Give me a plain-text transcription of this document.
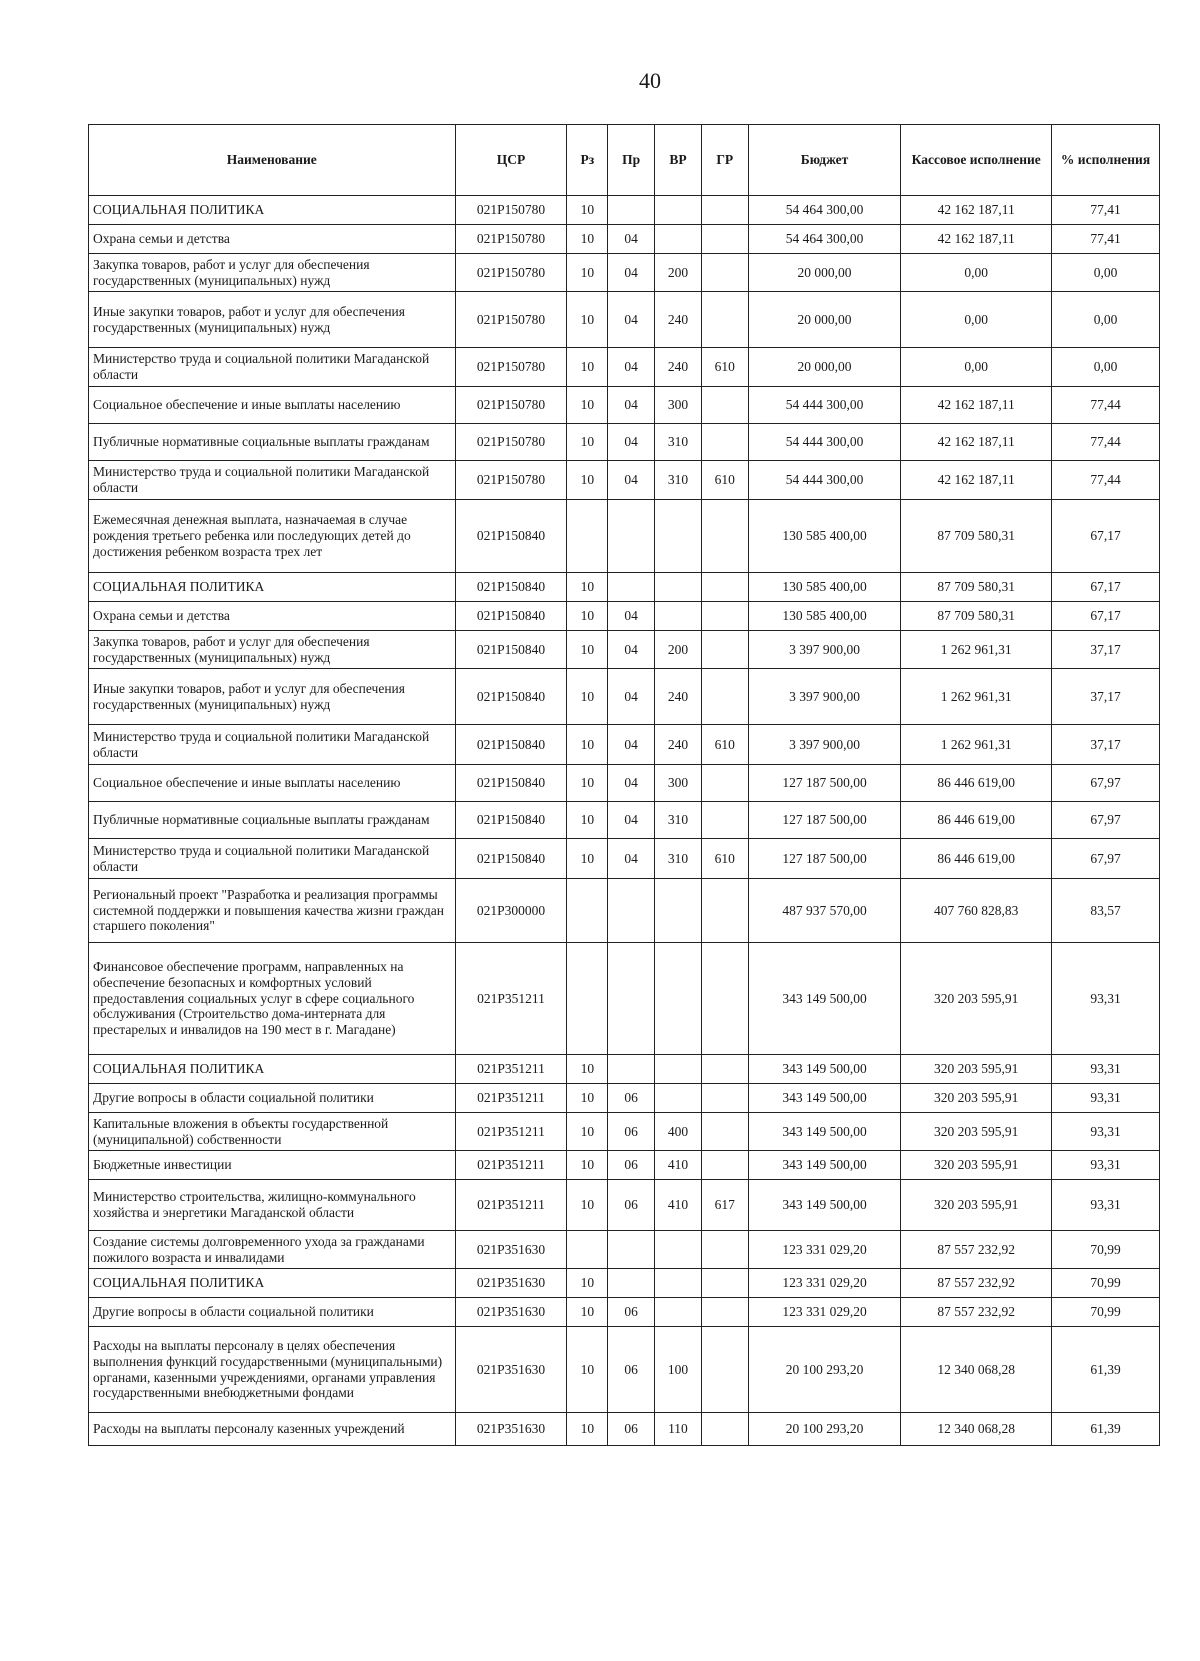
40
Наименование	ЦСР	Рз	Пр	ВР	ГР	Бюджет	Кассовое исполнение	% исполнения
СОЦИАЛЬНАЯ ПОЛИТИКА	021P150780	10				54 464 300,00	42 162 187,11	77,41
Охрана семьи и детства	021P150780	10	04			54 464 300,00	42 162 187,11	77,41
Закупка товаров, работ и услуг для обеспечения государственных (муниципальных) нужд	021P150780	10	04	200		20 000,00	0,00	0,00
Иные закупки товаров, работ и услуг для обеспечения государственных (муниципальных) нужд	021P150780	10	04	240		20 000,00	0,00	0,00
Министерство труда и социальной политики Магаданской области	021P150780	10	04	240	610	20 000,00	0,00	0,00
Социальное обеспечение и иные выплаты населению	021P150780	10	04	300		54 444 300,00	42 162 187,11	77,44
Публичные нормативные социальные выплаты гражданам	021P150780	10	04	310		54 444 300,00	42 162 187,11	77,44
Министерство труда и социальной политики Магаданской области	021P150780	10	04	310	610	54 444 300,00	42 162 187,11	77,44
Ежемесячная денежная выплата, назначаемая в случае рождения третьего ребенка или последующих детей до достижения ребенком возраста трех лет	021P150840					130 585 400,00	87 709 580,31	67,17
СОЦИАЛЬНАЯ ПОЛИТИКА	021P150840	10				130 585 400,00	87 709 580,31	67,17
Охрана семьи и детства	021P150840	10	04			130 585 400,00	87 709 580,31	67,17
Закупка товаров, работ и услуг для обеспечения государственных (муниципальных) нужд	021P150840	10	04	200		3 397 900,00	1 262 961,31	37,17
Иные закупки товаров, работ и услуг для обеспечения государственных (муниципальных) нужд	021P150840	10	04	240		3 397 900,00	1 262 961,31	37,17
Министерство труда и социальной политики Магаданской области	021P150840	10	04	240	610	3 397 900,00	1 262 961,31	37,17
Социальное обеспечение и иные выплаты населению	021P150840	10	04	300		127 187 500,00	86 446 619,00	67,97
Публичные нормативные социальные выплаты гражданам	021P150840	10	04	310		127 187 500,00	86 446 619,00	67,97
Министерство труда и социальной политики Магаданской области	021P150840	10	04	310	610	127 187 500,00	86 446 619,00	67,97
Региональный проект "Разработка и реализация программы системной поддержки и повышения качества жизни граждан старшего поколения"	021P300000					487 937 570,00	407 760 828,83	83,57
Финансовое обеспечение программ, направленных на обеспечение безопасных и комфортных условий предоставления социальных услуг в сфере социального обслуживания (Строительство дома-интерната для престарелых и инвалидов на 190 мест в г. Магадане)	021P351211					343 149 500,00	320 203 595,91	93,31
СОЦИАЛЬНАЯ ПОЛИТИКА	021P351211	10				343 149 500,00	320 203 595,91	93,31
Другие вопросы в области социальной политики	021P351211	10	06			343 149 500,00	320 203 595,91	93,31
Капитальные вложения в объекты государственной (муниципальной) собственности	021P351211	10	06	400		343 149 500,00	320 203 595,91	93,31
Бюджетные инвестиции	021P351211	10	06	410		343 149 500,00	320 203 595,91	93,31
Министерство строительства, жилищно-коммунального хозяйства и энергетики Магаданской области	021P351211	10	06	410	617	343 149 500,00	320 203 595,91	93,31
Создание системы долговременного ухода за гражданами пожилого возраста и инвалидами	021P351630					123 331 029,20	87 557 232,92	70,99
СОЦИАЛЬНАЯ ПОЛИТИКА	021P351630	10				123 331 029,20	87 557 232,92	70,99
Другие вопросы в области социальной политики	021P351630	10	06			123 331 029,20	87 557 232,92	70,99
Расходы на выплаты персоналу в целях обеспечения выполнения функций государственными (муниципальными) органами, казенными учреждениями, органами управления государственными внебюджетными фондами	021P351630	10	06	100		20 100 293,20	12 340 068,28	61,39
Расходы на выплаты персоналу казенных учреждений	021P351630	10	06	110		20 100 293,20	12 340 068,28	61,39
